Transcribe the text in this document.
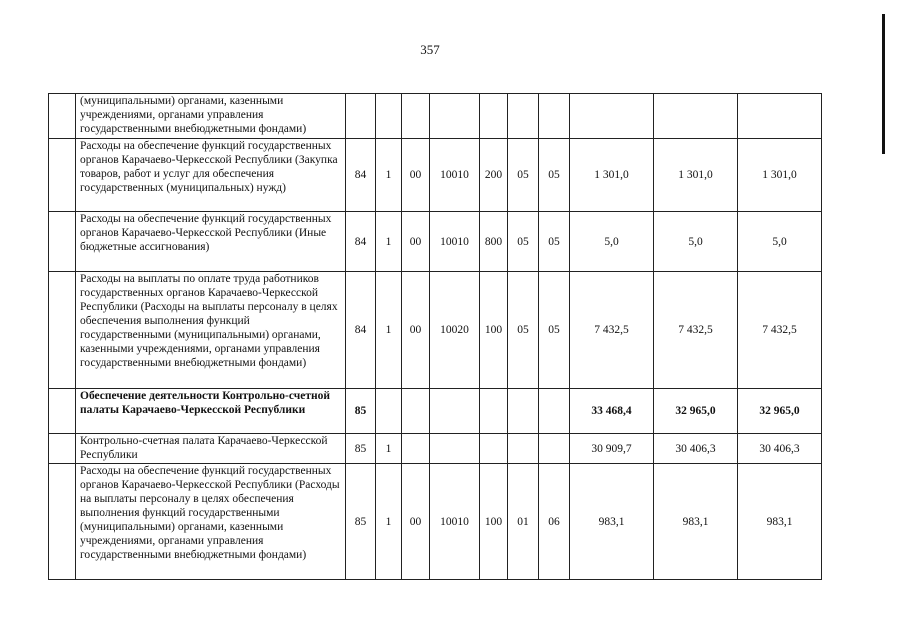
357
	(муниципальными) органами, казенными учреждениями, органами управления государственными внебюджетными фондами)										
	Расходы на обеспечение функций государственных органов Карачаево-Черкесской Республики (Закупка товаров, работ и услуг для обеспечения государственных (муниципальных) нужд)	84	1	00	10010	200	05	05	1 301,0	1 301,0	1 301,0
	Расходы на обеспечение функций государственных органов Карачаево-Черкесской Республики (Иные бюджетные ассигнования)	84	1	00	10010	800	05	05	5,0	5,0	5,0
	Расходы на выплаты по оплате труда работников государственных органов Карачаево-Черкесской Республики (Расходы на выплаты персоналу в целях обеспечения выполнения функций государственными (муниципальными) органами, казенными учреждениями, органами управления государственными внебюджетными фондами)	84	1	00	10020	100	05	05	7 432,5	7 432,5	7 432,5
	Обеспечение деятельности Контрольно-счетной палаты Карачаево-Черкесской Республики	85							33 468,4	32 965,0	32 965,0
	Контрольно-счетная палата Карачаево-Черкесской Республики	85	1						30 909,7	30 406,3	30 406,3
	Расходы на обеспечение функций государственных органов Карачаево-Черкесской Республики (Расходы на выплаты персоналу в целях обеспечения выполнения функций государственными (муниципальными) органами, казенными учреждениями, органами управления государственными внебюджетными фондами)	85	1	00	10010	100	01	06	983,1	983,1	983,1
